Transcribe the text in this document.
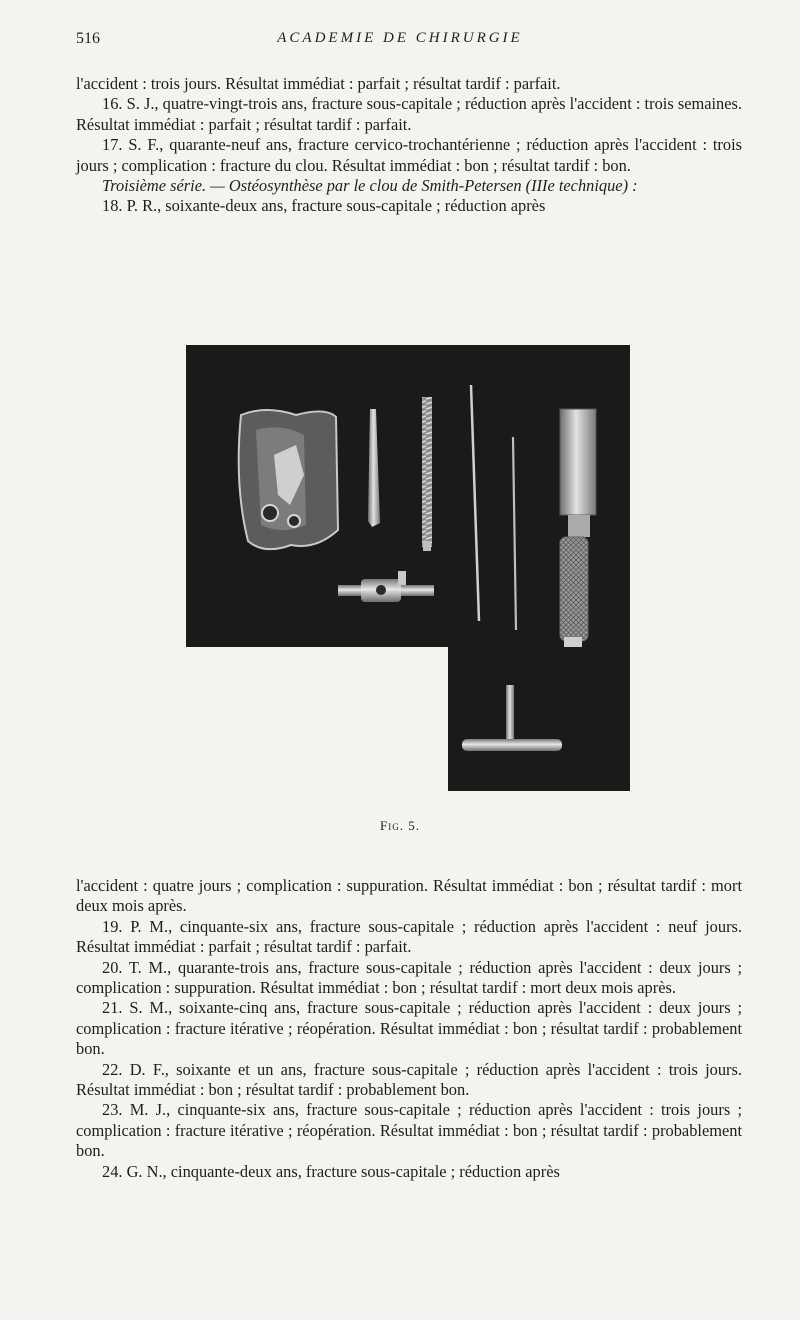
516	ACADEMIE DE CHIRURGIE

l'accident : trois jours. Résultat immédiat : parfait ; résultat tardif : parfait.

16. S. J., quatre-vingt-trois ans, fracture sous-capitale ; réduction après l'accident : trois semaines. Résultat immédiat : parfait ; résultat tardif : parfait.

17. S. F., quarante-neuf ans, fracture cervico-trochantérienne ; réduction après l'accident : trois jours ; complication : fracture du clou. Résultat immédiat : bon ; résultat tardif : bon.

Troisième série. — Ostéosynthèse par le clou de Smith-Petersen (IIIe technique) :

18. P. R., soixante-deux ans, fracture sous-capitale ; réduction après

Fig. 5.

l'accident : quatre jours ; complication : suppuration. Résultat immédiat : bon ; résultat tardif : mort deux mois après.

19. P. M., cinquante-six ans, fracture sous-capitale ; réduction après l'accident : neuf jours. Résultat immédiat : parfait ; résultat tardif : parfait.

20. T. M., quarante-trois ans, fracture sous-capitale ; réduction après l'accident : deux jours ; complication : suppuration. Résultat immédiat : bon ; résultat tardif : mort deux mois après.

21. S. M., soixante-cinq ans, fracture sous-capitale ; réduction après l'accident : deux jours ; complication : fracture itérative ; réopération. Résultat immédiat : bon ; résultat tardif : probablement bon.

22. D. F., soixante et un ans, fracture sous-capitale ; réduction après l'accident : trois jours. Résultat immédiat : bon ; résultat tardif : probablement bon.

23. M. J., cinquante-six ans, fracture sous-capitale ; réduction après l'accident : trois jours ; complication : fracture itérative ; réopération. Résultat immédiat : bon ; résultat tardif : probablement bon.

24. G. N., cinquante-deux ans, fracture sous-capitale ; réduction après
